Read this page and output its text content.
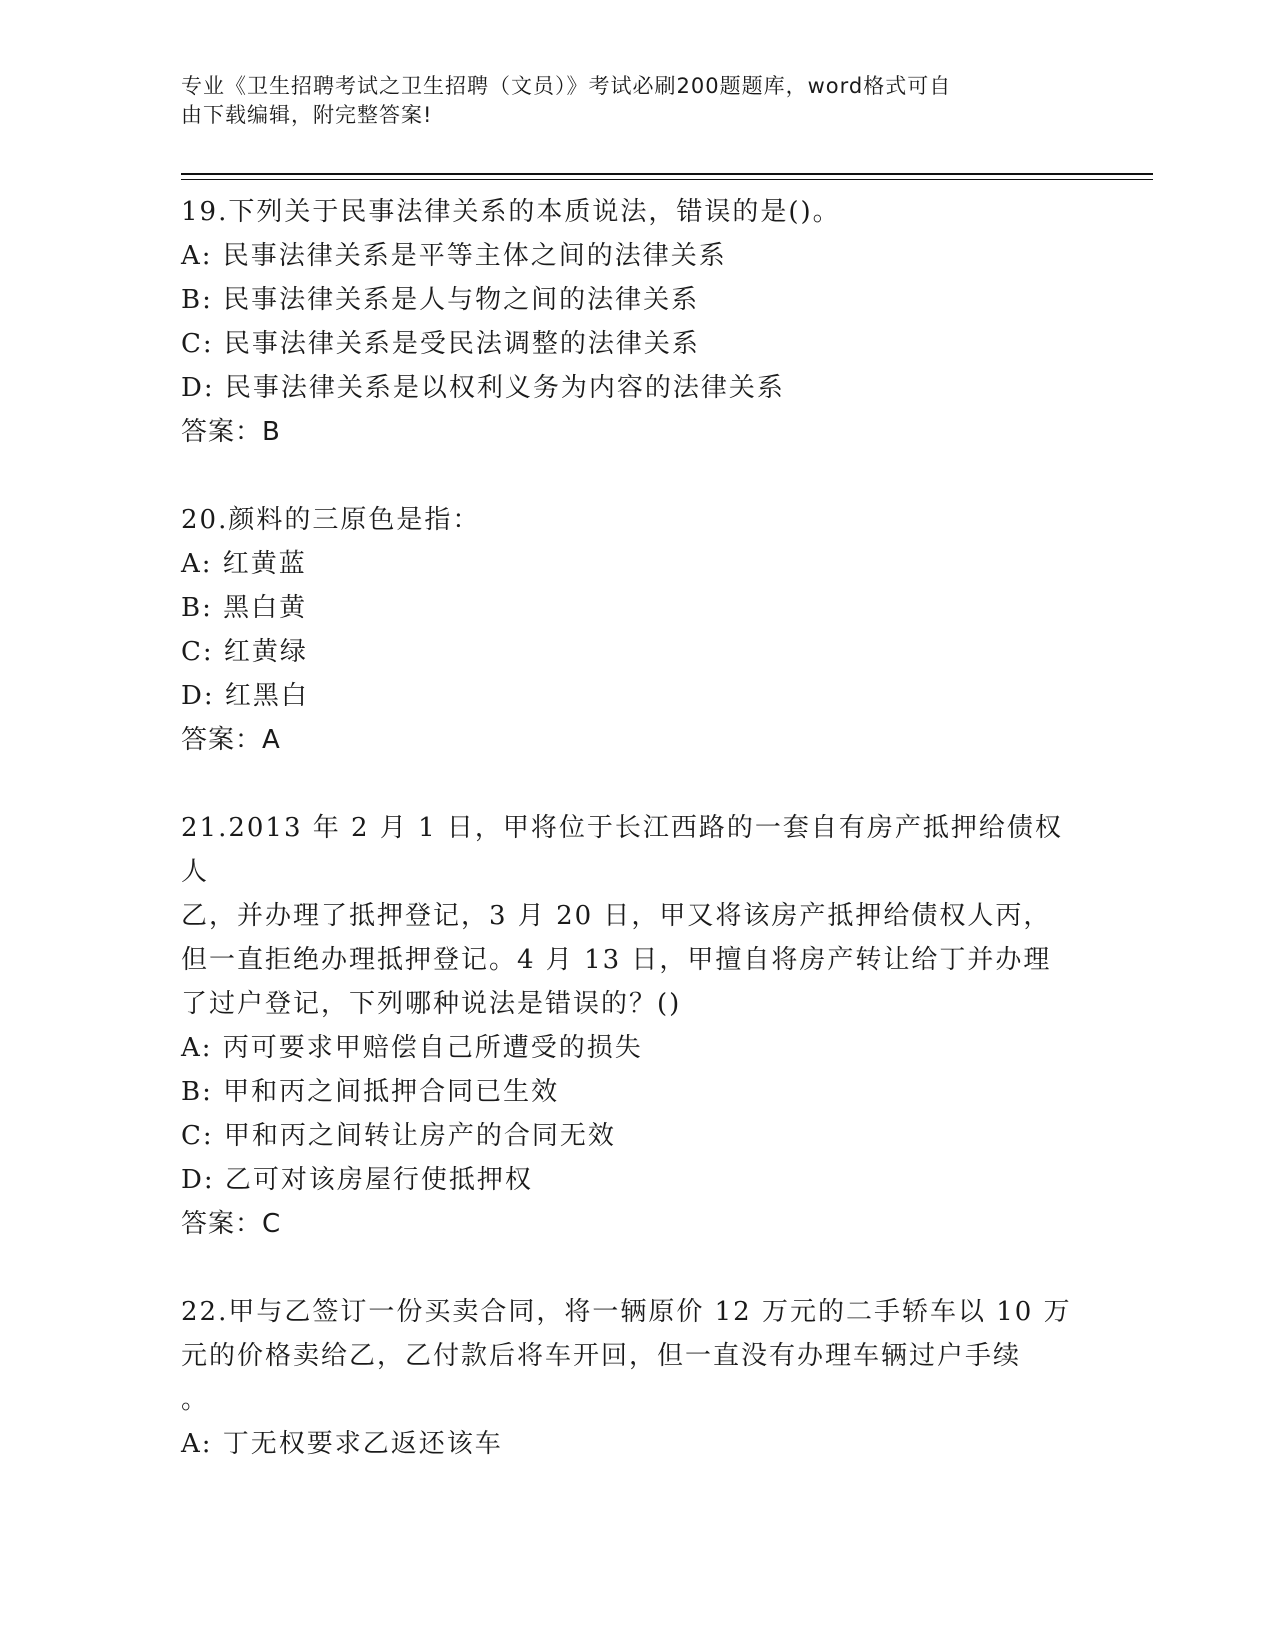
专业《卫生招聘考试之卫生招聘（文员）》考试必刷200题题库，word格式可自
由下载编辑，附完整答案!
19.下列关于民事法律关系的本质说法，错误的是()。
A: 民事法律关系是平等主体之间的法律关系
B: 民事法律关系是人与物之间的法律关系
C: 民事法律关系是受民法调整的法律关系
D: 民事法律关系是以权利义务为内容的法律关系
答案：B
20.颜料的三原色是指：
A: 红黄蓝
B: 黑白黄
C: 红黄绿
D: 红黑白
答案：A
21.2013 年 2 月 1 日，甲将位于长江西路的一套自有房产抵押给债权人
乙，并办理了抵押登记，3 月 20 日，甲又将该房产抵押给债权人丙，
但一直拒绝办理抵押登记。4 月 13 日，甲擅自将房产转让给丁并办理
了过户登记，下列哪种说法是错误的？()
A: 丙可要求甲赔偿自己所遭受的损失
B: 甲和丙之间抵押合同已生效
C: 甲和丙之间转让房产的合同无效
D: 乙可对该房屋行使抵押权
答案：C
22.甲与乙签订一份买卖合同，将一辆原价 12 万元的二手轿车以 10 万
元的价格卖给乙，乙付款后将车开回，但一直没有办理车辆过户手续
。
A: 丁无权要求乙返还该车
